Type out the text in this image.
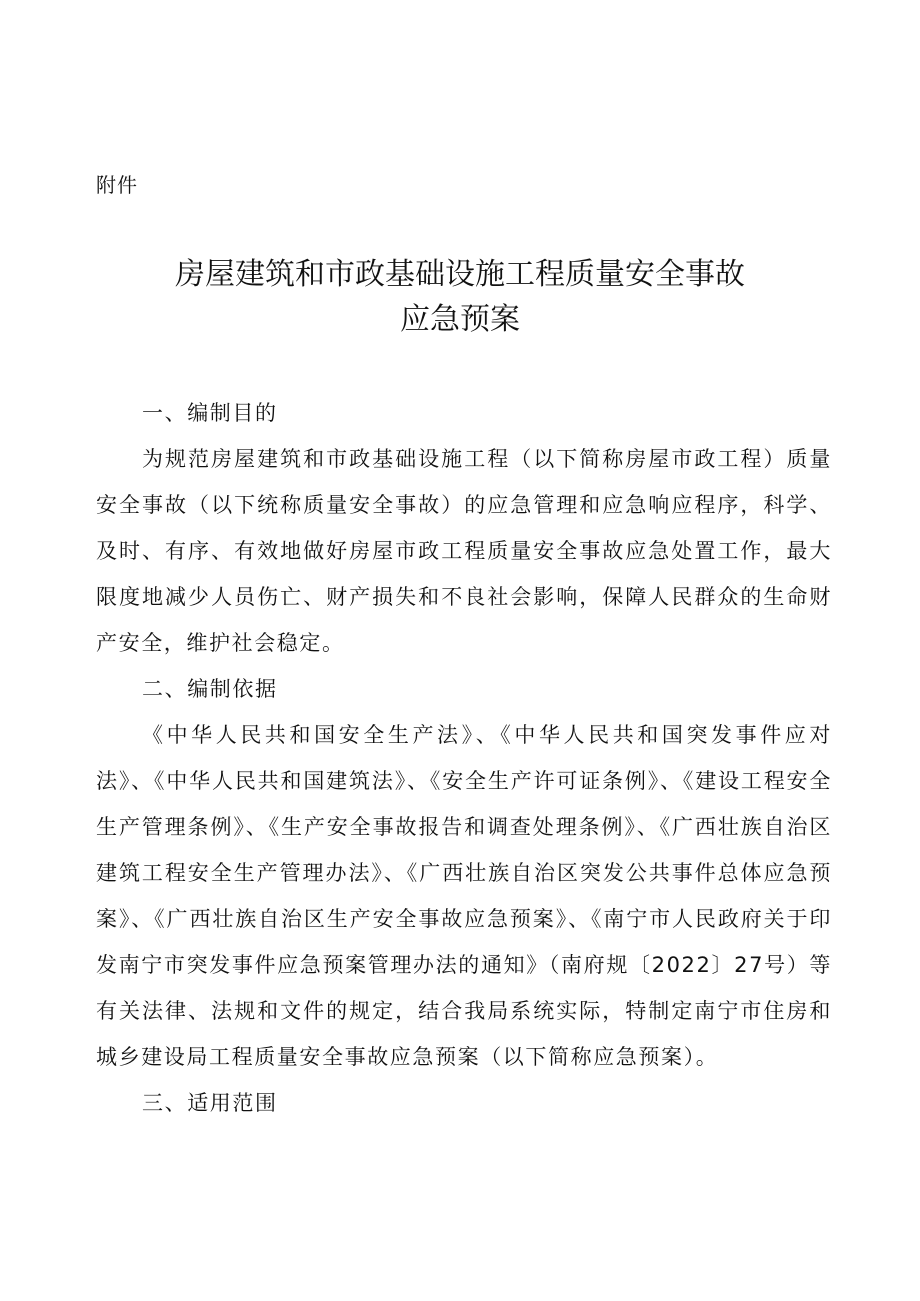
附件
房屋建筑和市政基础设施工程质量安全事故
应急预案

一、编制目的

为规范房屋建筑和市政基础设施工程（以下简称房屋市政工程）质量安全事故（以下统称质量安全事故）的应急管理和应急响应程序，科学、及时、有序、有效地做好房屋市政工程质量安全事故应急处置工作，最大限度地减少人员伤亡、财产损失和不良社会影响，保障人民群众的生命财产安全，维护社会稳定。

二、编制依据

《中华人民共和国安全生产法》、《中华人民共和国突发事件应对法》、《中华人民共和国建筑法》、《安全生产许可证条例》、《建设工程安全生产管理条例》、《生产安全事故报告和调查处理条例》、《广西壮族自治区建筑工程安全生产管理办法》、《广西壮族自治区突发公共事件总体应急预案》、《广西壮族自治区生产安全事故应急预案》、《南宁市人民政府关于印发南宁市突发事件应急预案管理办法的通知》（南府规〔2022〕27号）等有关法律、法规和文件的规定，结合我局系统实际，特制定南宁市住房和城乡建设局工程质量安全事故应急预案（以下简称应急预案）。

三、适用范围
